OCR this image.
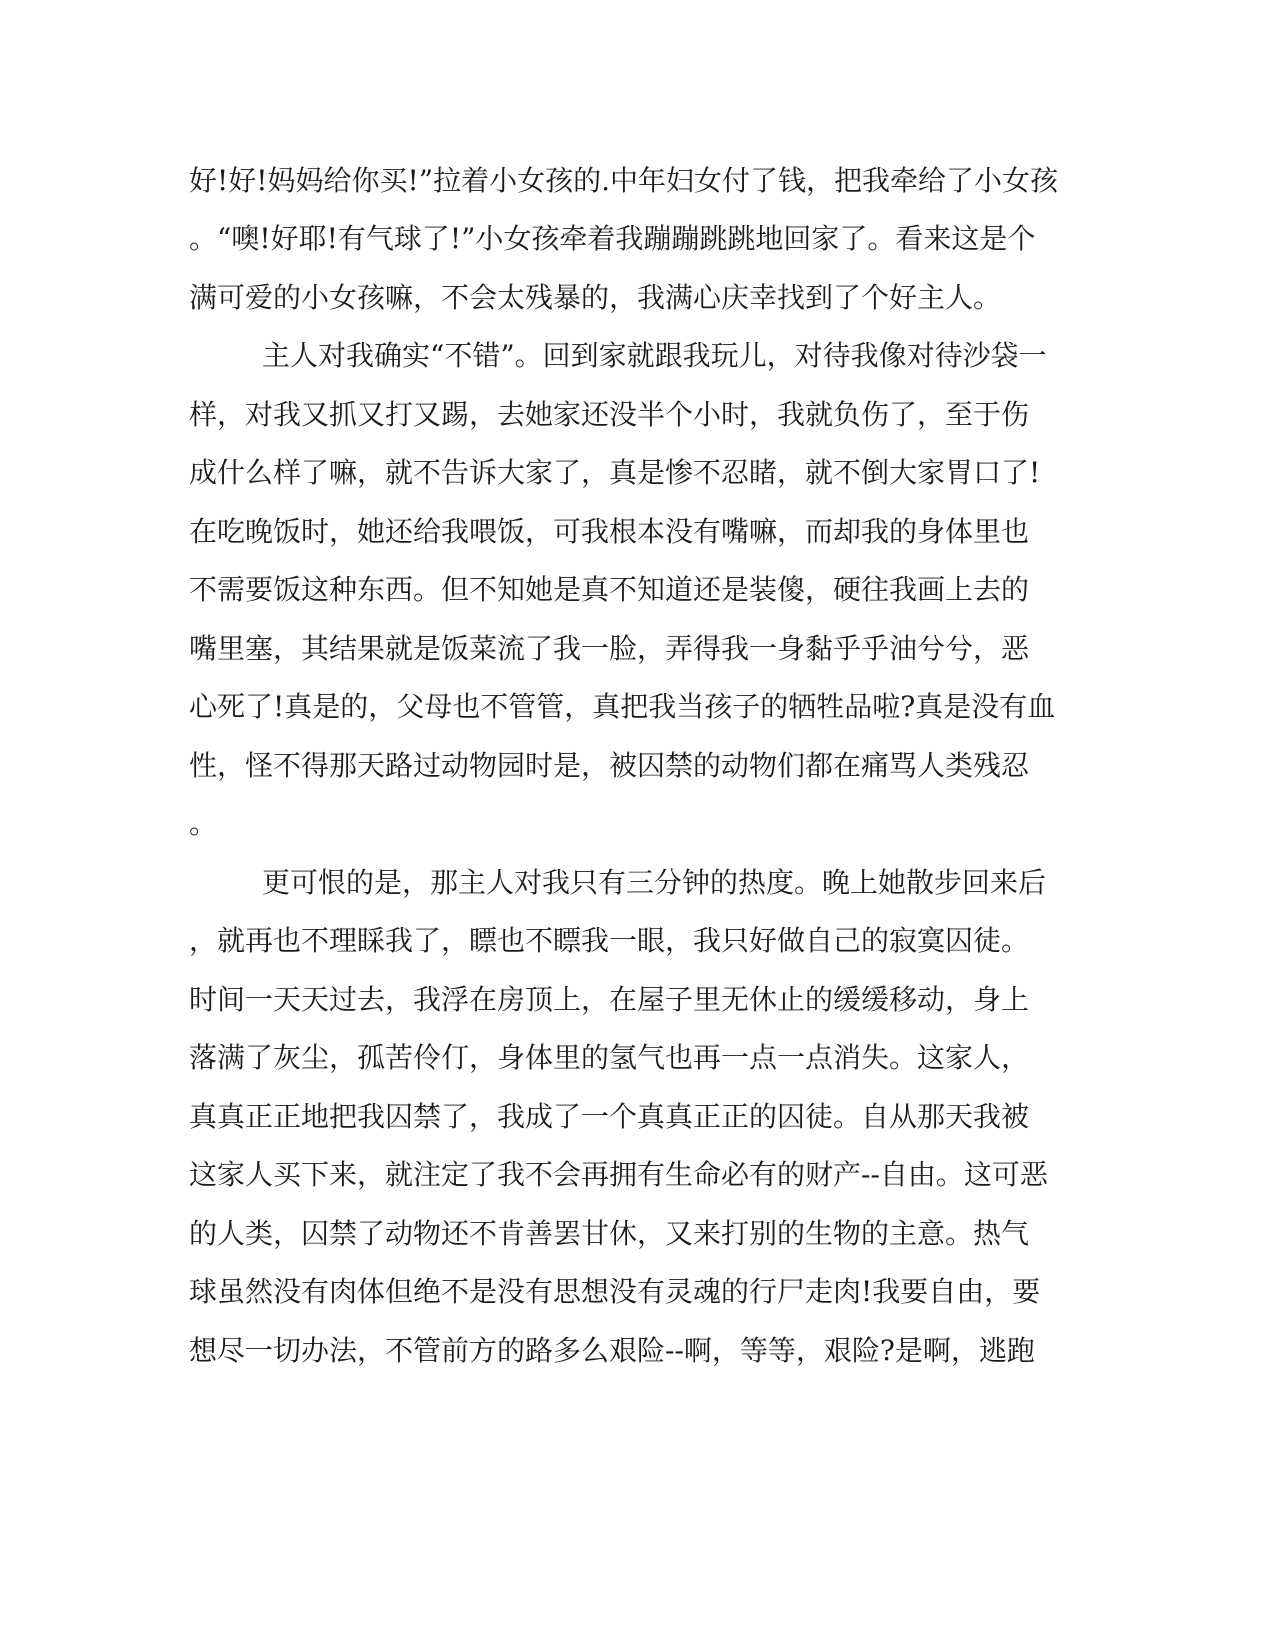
好!好!妈妈给你买!”拉着小女孩的.中年妇女付了钱，把我牵给了小女孩
。“噢!好耶!有气球了!”小女孩牵着我蹦蹦跳跳地回家了。看来这是个
满可爱的小女孩嘛，不会太残暴的，我满心庆幸找到了个好主人。
主人对我确实“不错”。回到家就跟我玩儿，对待我像对待沙袋一
样，对我又抓又打又踢，去她家还没半个小时，我就负伤了，至于伤
成什么样了嘛，就不告诉大家了，真是惨不忍睹，就不倒大家胃口了!
在吃晚饭时，她还给我喂饭，可我根本没有嘴嘛，而却我的身体里也
不需要饭这种东西。但不知她是真不知道还是装傻，硬往我画上去的
嘴里塞，其结果就是饭菜流了我一脸，弄得我一身黏乎乎油兮兮，恶
心死了!真是的，父母也不管管，真把我当孩子的牺牲品啦?真是没有血
性，怪不得那天路过动物园时是，被囚禁的动物们都在痛骂人类残忍
。
更可恨的是，那主人对我只有三分钟的热度。晚上她散步回来后
，就再也不理睬我了，瞟也不瞟我一眼，我只好做自己的寂寞囚徒。
时间一天天过去，我浮在房顶上，在屋子里无休止的缓缓移动，身上
落满了灰尘，孤苦伶仃，身体里的氢气也再一点一点消失。这家人，
真真正正地把我囚禁了，我成了一个真真正正的囚徒。自从那天我被
这家人买下来，就注定了我不会再拥有生命必有的财产--自由。这可恶
的人类，囚禁了动物还不肯善罢甘休，又来打别的生物的主意。热气
球虽然没有肉体但绝不是没有思想没有灵魂的行尸走肉!我要自由，要
想尽一切办法，不管前方的路多么艰险--啊，等等，艰险?是啊，逃跑
